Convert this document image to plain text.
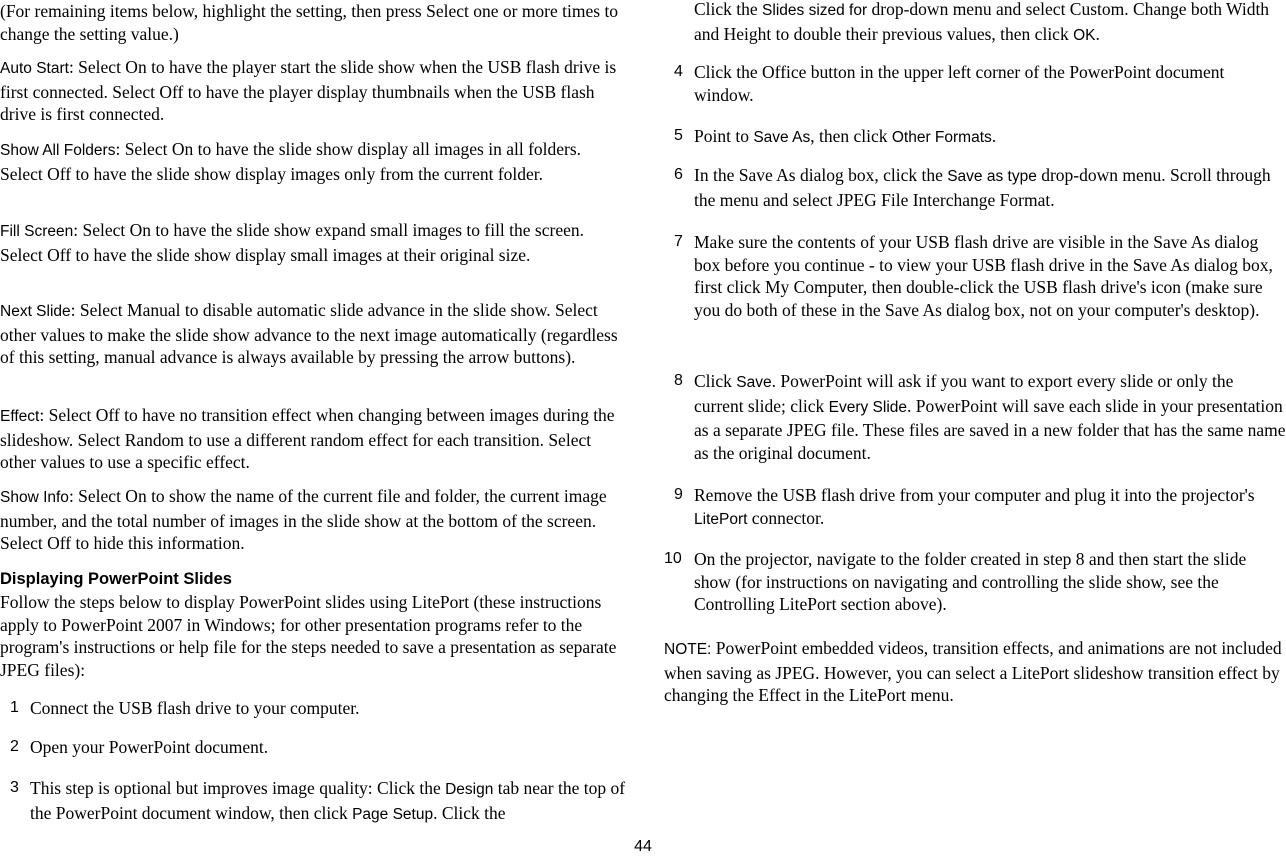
(For remaining items below, highlight the setting, then press Select one or more times to change the setting value.)

Auto Start: Select On to have the player start the slide show when the USB flash drive is first connected. Select Off to have the player display thumbnails when the USB flash drive is first connected.

Show All Folders: Select On to have the slide show display all images in all folders. Select Off to have the slide show display images only from the current folder.

Fill Screen: Select On to have the slide show expand small images to fill the screen. Select Off to have the slide show display small images at their original size.

Next Slide: Select Manual to disable automatic slide advance in the slide show. Select other values to make the slide show advance to the next image automatically (regardless of this setting, manual advance is always available by pressing the arrow buttons).

Effect: Select Off to have no transition effect when changing between images during the slideshow. Select Random to use a different random effect for each transition. Select other values to use a specific effect.

Show Info: Select On to show the name of the current file and folder, the current image number, and the total number of images in the slide show at the bottom of the screen. Select Off to hide this information.

Displaying PowerPoint Slides

Follow the steps below to display PowerPoint slides using LitePort (these instructions apply to PowerPoint 2007 in Windows; for other presentation programs refer to the program's instructions or help file for the steps needed to save a presentation as separate JPEG files):

1 Connect the USB flash drive to your computer.
2 Open your PowerPoint document.
3 This step is optional but improves image quality: Click the Design tab near the top of the PowerPoint document window, then click Page Setup. Click the
Click the Slides sized for drop-down menu and select Custom. Change both Width and Height to double their previous values, then click OK.
4 Click the Office button in the upper left corner of the PowerPoint document window.
5 Point to Save As, then click Other Formats.
6 In the Save As dialog box, click the Save as type drop-down menu. Scroll through the menu and select JPEG File Interchange Format.
7 Make sure the contents of your USB flash drive are visible in the Save As dialog box before you continue - to view your USB flash drive in the Save As dialog box, first click My Computer, then double-click the USB flash drive's icon (make sure you do both of these in the Save As dialog box, not on your computer's desktop).
8 Click Save. PowerPoint will ask if you want to export every slide or only the current slide; click Every Slide. PowerPoint will save each slide in your presentation as a separate JPEG file. These files are saved in a new folder that has the same name as the original document.
9 Remove the USB flash drive from your computer and plug it into the projector's LitePort connector.
10 On the projector, navigate to the folder created in step 8 and then start the slide show (for instructions on navigating and controlling the slide show, see the Controlling LitePort section above).

NOTE: PowerPoint embedded videos, transition effects, and animations are not included when saving as JPEG. However, you can select a LitePort slideshow transition effect by changing the Effect in the LitePort menu.

44
